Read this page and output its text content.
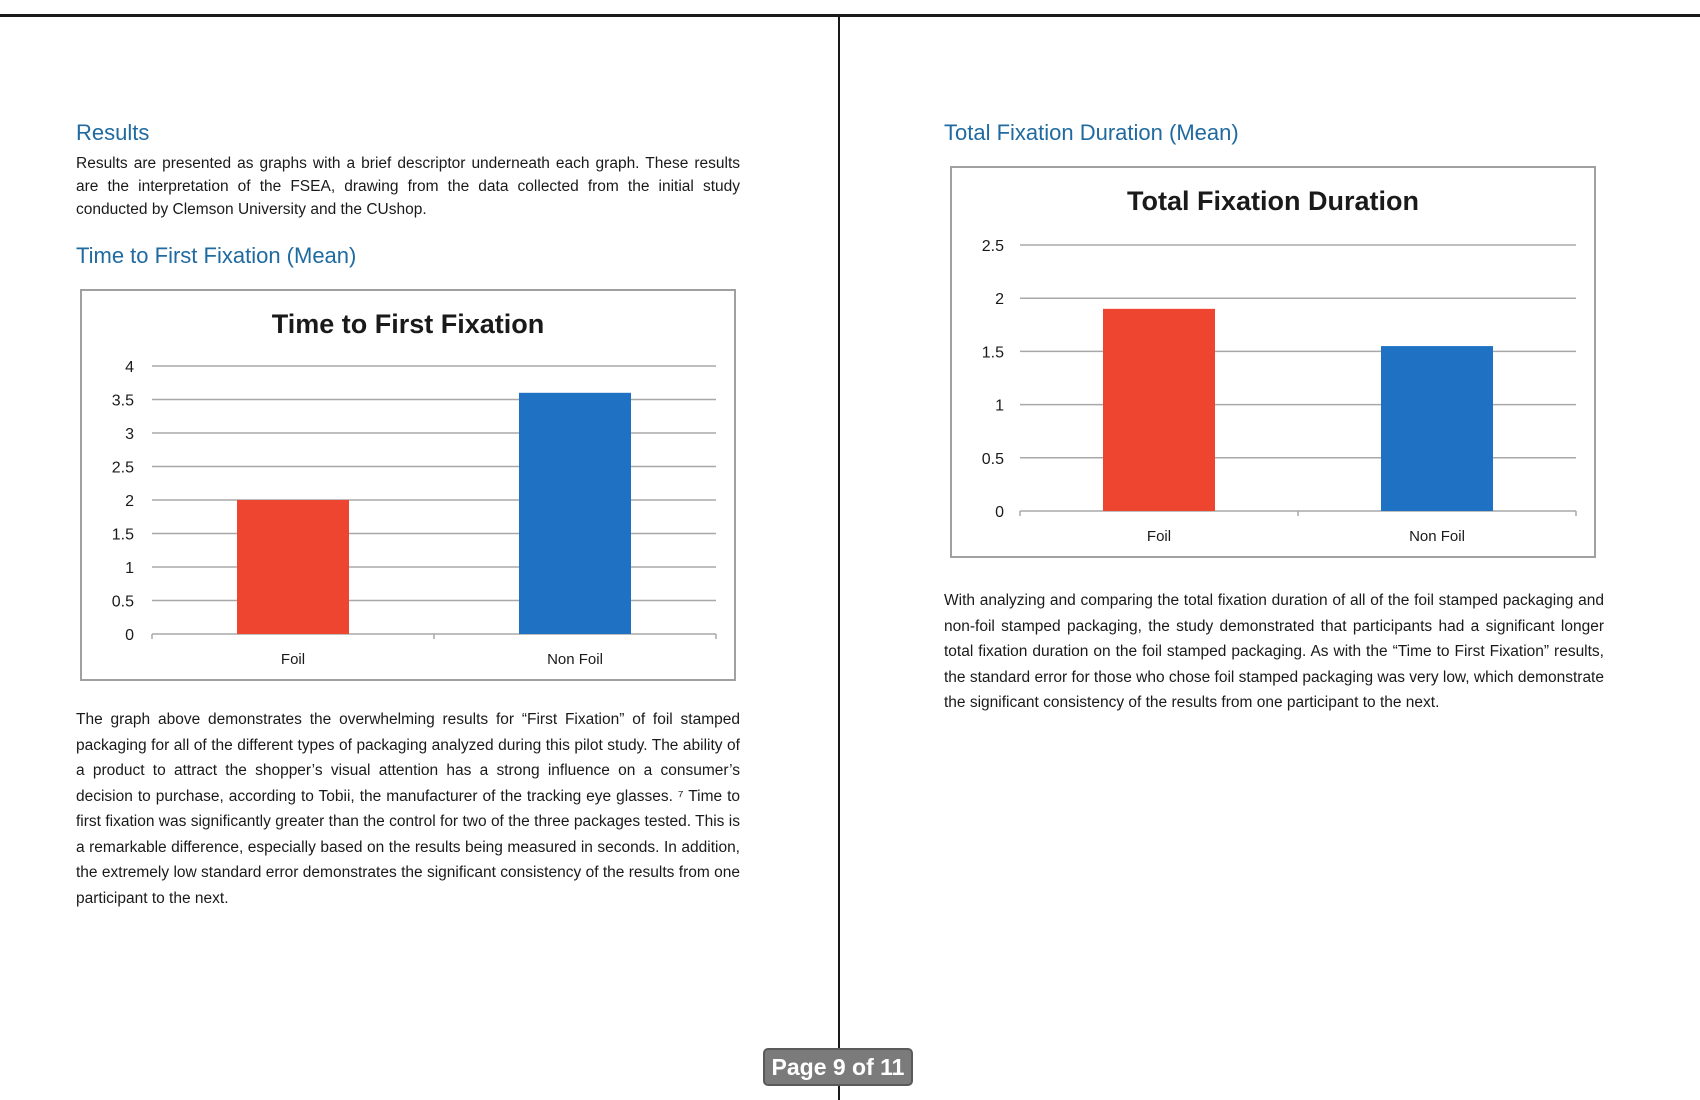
Results

Results are presented as graphs with a brief descriptor underneath each graph. These results are the interpretation of the FSEA, drawing from the data collected from the initial study conducted by Clemson University and the CUshop.

Time to First Fixation (Mean)
Time to First Fixation
0
0.5
1
1.5
2
2.5
3
3.5
4
Foil	Non Foil

The graph above demonstrates the overwhelming results for “First Fixation” of foil stamped packaging for all of the different types of packaging analyzed during this pilot study. The ability of a product to attract the shopper’s visual attention has a strong influence on a consumer’s decision to purchase, according to Tobii, the manufacturer of the tracking eye glasses. ⁷ Time to first fixation was significantly greater than the control for two of the three packages tested. This is a remarkable difference, especially based on the results being measured in seconds. In addition, the extremely low standard error demonstrates the significant consistency of the results from one participant to the next.

Total Fixation Duration (Mean)
Total Fixation Duration
0
0.5
1
1.5
2
2.5
Foil	Non Foil

With analyzing and comparing the total fixation duration of all of the foil stamped packaging and non-foil stamped packaging, the study demonstrated that participants had a significant longer total fixation duration on the foil stamped packaging. As with the “Time to First Fixation” results, the standard error for those who chose foil stamped packaging was very low, which demonstrate the significant consistency of the results from one participant to the next.

Page 9 of 11
